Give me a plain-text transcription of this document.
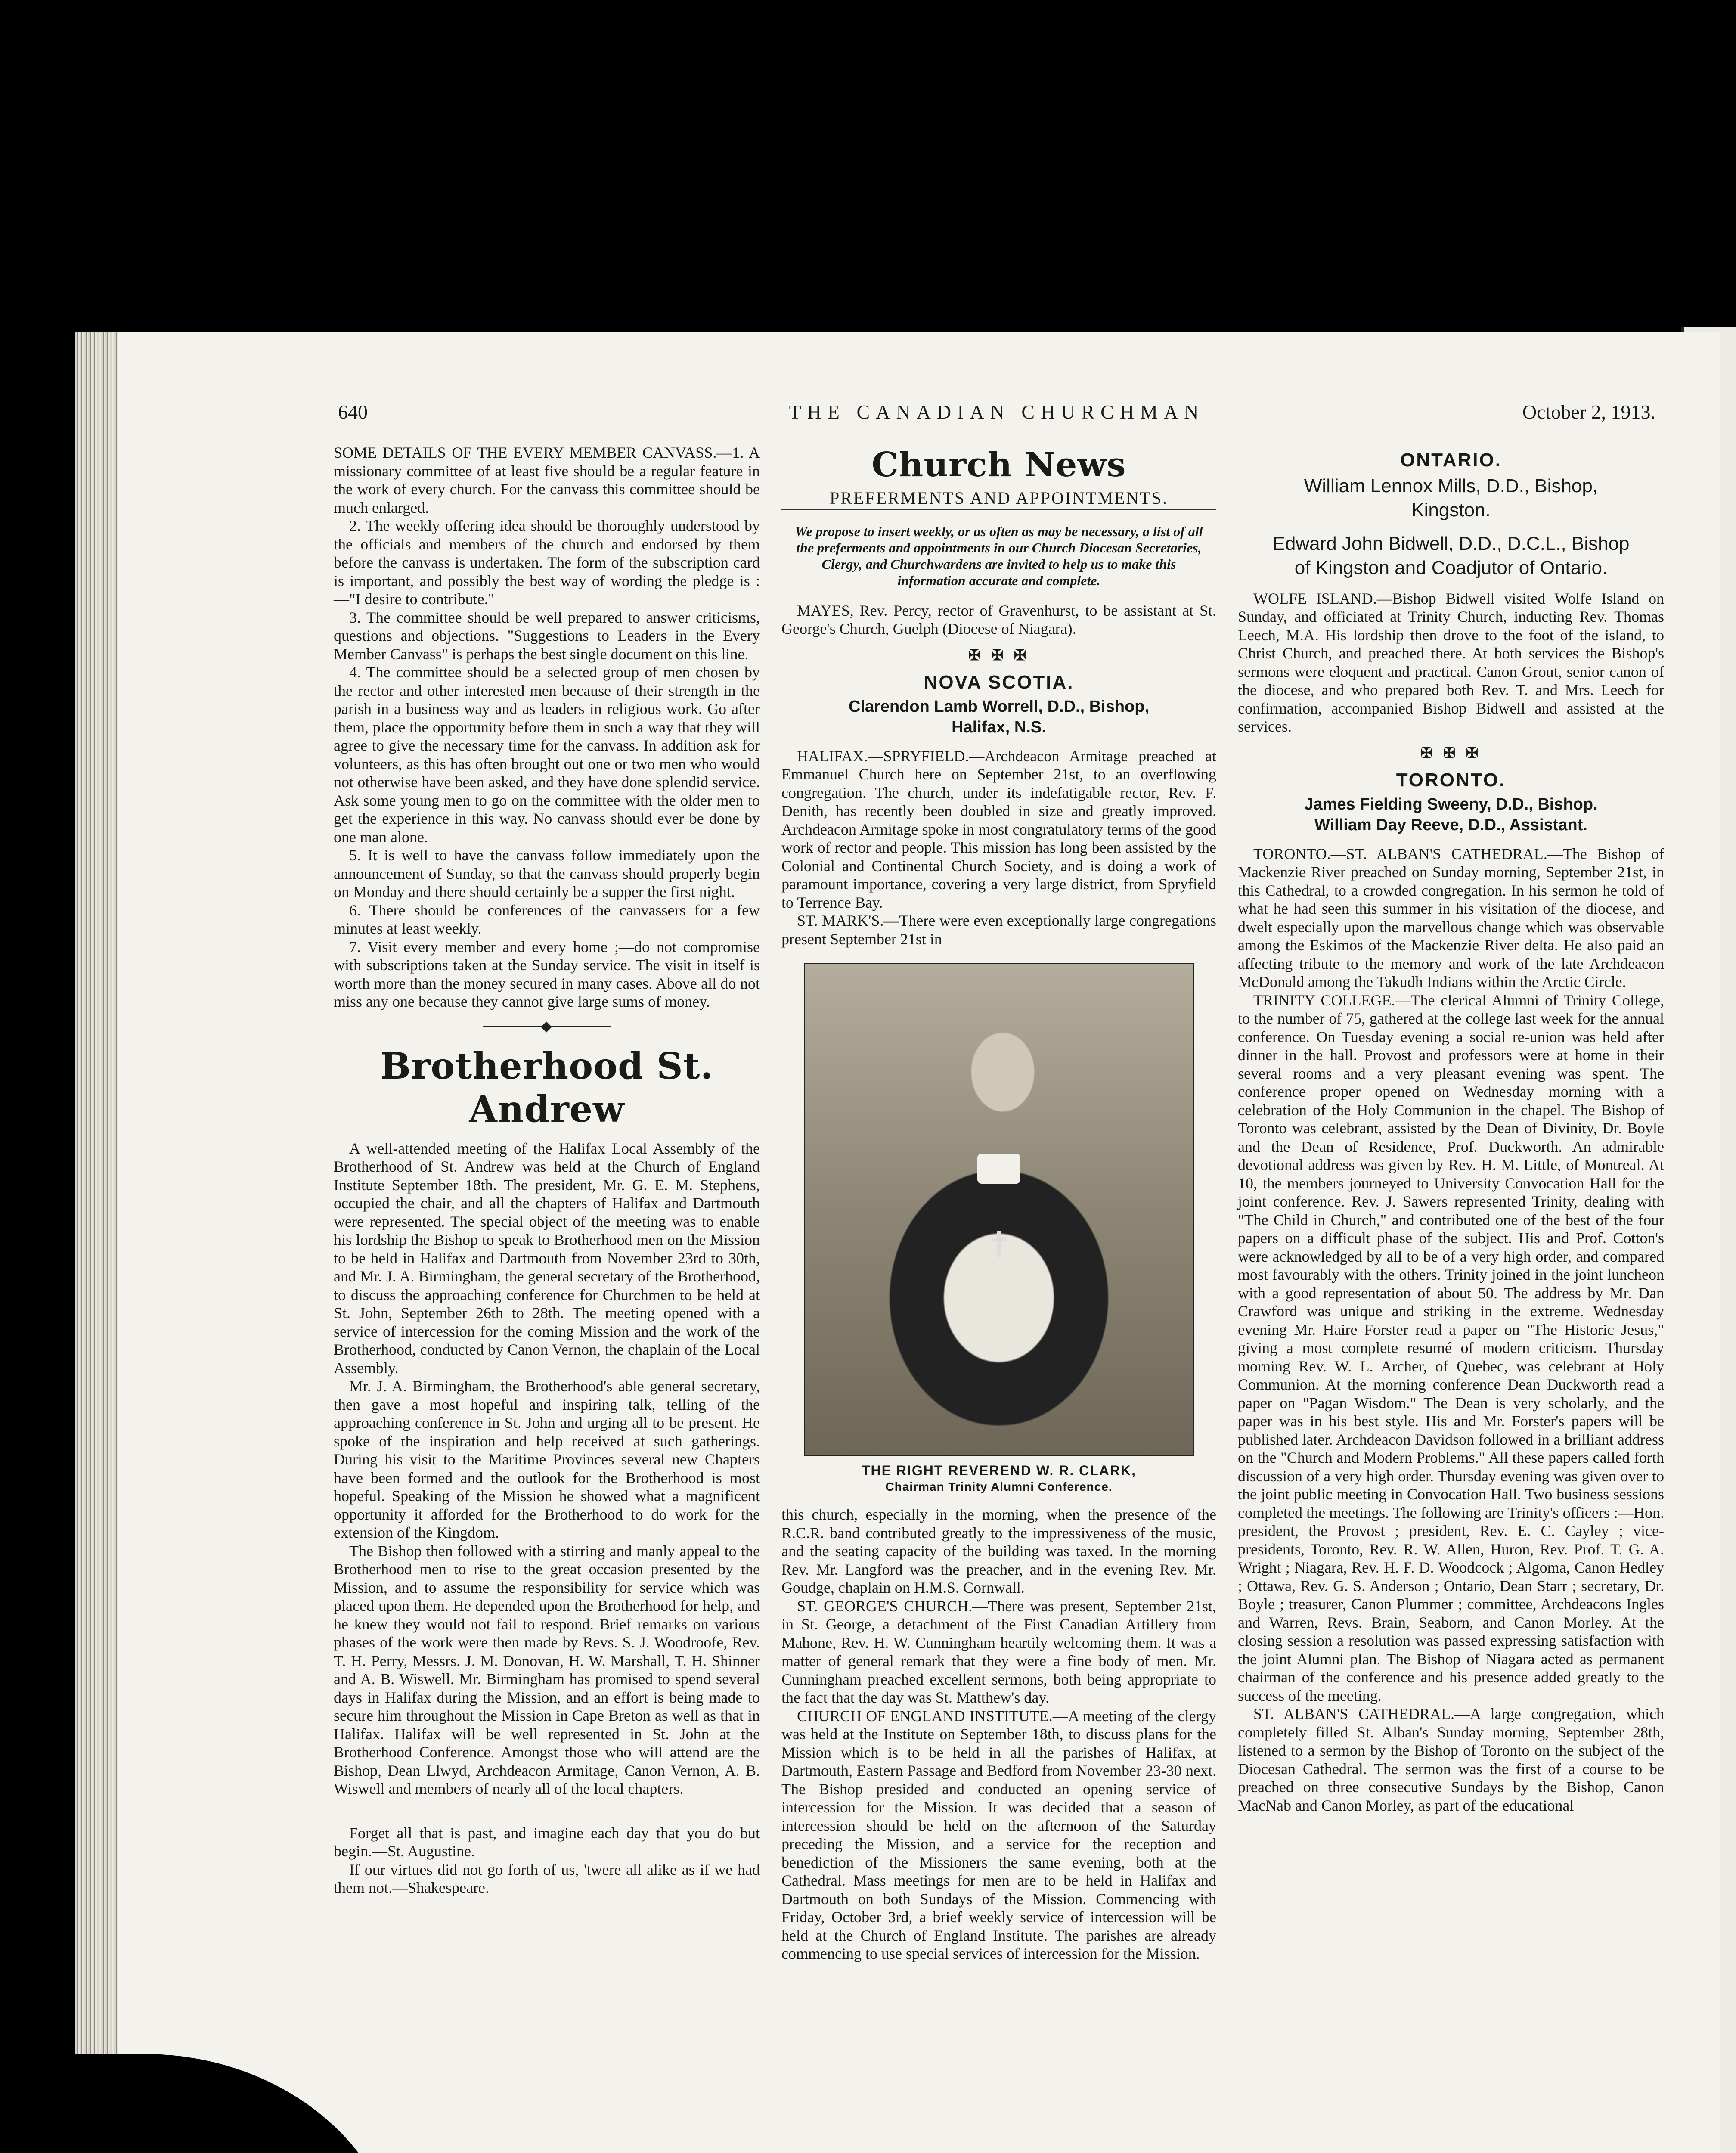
640	THE CANADIAN CHURCHMAN	October 2, 1913.

SOME DETAILS OF THE EVERY MEMBER CANVASS.—1. A missionary committee of at least five should be a regular feature in the work of every church. For the canvass this committee should be much enlarged.

2. The weekly offering idea should be thoroughly understood by the officials and members of the church and endorsed by them before the canvass is undertaken. The form of the subscription card is important, and possibly the best way of wording the pledge is :—"I desire to contribute."

3. The committee should be well prepared to answer criticisms, questions and objections. "Suggestions to Leaders in the Every Member Canvass" is perhaps the best single document on this line.

4. The committee should be a selected group of men chosen by the rector and other interested men because of their strength in the parish in a business way and as leaders in religious work. Go after them, place the opportunity before them in such a way that they will agree to give the necessary time for the canvass. In addition ask for volunteers, as this has often brought out one or two men who would not otherwise have been asked, and they have done splendid service. Ask some young men to go on the committee with the older men to get the experience in this way. No canvass should ever be done by one man alone.

5. It is well to have the canvass follow immediately upon the announcement of Sunday, so that the canvass should properly begin on Monday and there should certainly be a supper the first night.

6. There should be conferences of the canvassers for a few minutes at least weekly.

7. Visit every member and every home ;—do not compromise with subscriptions taken at the Sunday service. The visit in itself is worth more than the money secured in many cases. Above all do not miss any one because they cannot give large sums of money.

Brotherhood St. Andrew

A well-attended meeting of the Halifax Local Assembly of the Brotherhood of St. Andrew was held at the Church of England Institute September 18th. The president, Mr. G. E. M. Stephens, occupied the chair, and all the chapters of Halifax and Dartmouth were represented. The special object of the meeting was to enable his lordship the Bishop to speak to Brotherhood men on the Mission to be held in Halifax and Dartmouth from November 23rd to 30th, and Mr. J. A. Birmingham, the general secretary of the Brotherhood, to discuss the approaching conference for Churchmen to be held at St. John, September 26th to 28th. The meeting opened with a service of intercession for the coming Mission and the work of the Brotherhood, conducted by Canon Vernon, the chaplain of the Local Assembly.

Mr. J. A. Birmingham, the Brotherhood's able general secretary, then gave a most hopeful and inspiring talk, telling of the approaching conference in St. John and urging all to be present. He spoke of the inspiration and help received at such gatherings. During his visit to the Maritime Provinces several new Chapters have been formed and the outlook for the Brotherhood is most hopeful. Speaking of the Mission he showed what a magnificent opportunity it afforded for the Brotherhood to do work for the extension of the Kingdom.

The Bishop then followed with a stirring and manly appeal to the Brotherhood men to rise to the great occasion presented by the Mission, and to assume the responsibility for service which was placed upon them. He depended upon the Brotherhood for help, and he knew they would not fail to respond. Brief remarks on various phases of the work were then made by Revs. S. J. Woodroofe, Rev. T. H. Perry, Messrs. J. M. Donovan, H. W. Marshall, T. H. Shinner and A. B. Wiswell. Mr. Birmingham has promised to spend several days in Halifax during the Mission, and an effort is being made to secure him throughout the Mission in Cape Breton as well as that in Halifax. Halifax will be well represented in St. John at the Brotherhood Conference. Amongst those who will attend are the Bishop, Dean Llwyd, Archdeacon Armitage, Canon Vernon, A. B. Wiswell and members of nearly all of the local chapters.

Forget all that is past, and imagine each day that you do but begin.—St. Augustine.

If our virtues did not go forth of us, 'twere all alike as if we had them not.—Shakespeare.

Church News
PREFERMENTS AND APPOINTMENTS.
We propose to insert weekly, or as often as may be necessary, a list of all the preferments and appointments in our Church Diocesan Secretaries, Clergy, and Churchwardens are invited to help us to make this information accurate and complete.

MAYES, Rev. Percy, rector of Gravenhurst, to be assistant at St. George's Church, Guelph (Diocese of Niagara).

✠ ✠ ✠
NOVA SCOTIA.
Clarendon Lamb Worrell, D.D., Bishop,
Halifax, N.S.

HALIFAX.—SPRYFIELD.—Archdeacon Armitage preached at Emmanuel Church here on September 21st, to an overflowing congregation. The church, under its indefatigable rector, Rev. F. Denith, has recently been doubled in size and greatly improved. Archdeacon Armitage spoke in most congratulatory terms of the good work of rector and people. This mission has long been assisted by the Colonial and Continental Church Society, and is doing a work of paramount importance, covering a very large district, from Spryfield to Terrence Bay.

ST. MARK'S.—There were even exceptionally large congregations present September 21st in

THE RIGHT REVEREND W. R. CLARK,
Chairman Trinity Alumni Conference.

this church, especially in the morning, when the presence of the R.C.R. band contributed greatly to the impressiveness of the music, and the seating capacity of the building was taxed. In the morning Rev. Mr. Langford was the preacher, and in the evening Rev. Mr. Goudge, chaplain on H.M.S. Cornwall.

ST. GEORGE'S CHURCH.—There was present, September 21st, in St. George, a detachment of the First Canadian Artillery from Mahone, Rev. H. W. Cunningham heartily welcoming them. It was a matter of general remark that they were a fine body of men. Mr. Cunningham preached excellent sermons, both being appropriate to the fact that the day was St. Matthew's day.

CHURCH OF ENGLAND INSTITUTE.—A meeting of the clergy was held at the Institute on September 18th, to discuss plans for the Mission which is to be held in all the parishes of Halifax, at Dartmouth, Eastern Passage and Bedford from November 23-30 next. The Bishop presided and conducted an opening service of intercession for the Mission. It was decided that a season of intercession should be held on the afternoon of the Saturday preceding the Mission, and a service for the reception and benediction of the Missioners the same evening, both at the Cathedral. Mass meetings for men are to be held in Halifax and Dartmouth on both Sundays of the Mission. Commencing with Friday, October 3rd, a brief weekly service of intercession will be held at the Church of England Institute. The parishes are already commencing to use special services of intercession for the Mission.

ONTARIO.
William Lennox Mills, D.D., Bishop,
Kingston.
Edward John Bidwell, D.D., D.C.L., Bishop
of Kingston and Coadjutor of Ontario.

WOLFE ISLAND.—Bishop Bidwell visited Wolfe Island on Sunday, and officiated at Trinity Church, inducting Rev. Thomas Leech, M.A. His lordship then drove to the foot of the island, to Christ Church, and preached there. At both services the Bishop's sermons were eloquent and practical. Canon Grout, senior canon of the diocese, and who prepared both Rev. T. and Mrs. Leech for confirmation, accompanied Bishop Bidwell and assisted at the services.

✠ ✠ ✠
TORONTO.
James Fielding Sweeny, D.D., Bishop.
William Day Reeve, D.D., Assistant.

TORONTO.—ST. ALBAN'S CATHEDRAL.—The Bishop of Mackenzie River preached on Sunday morning, September 21st, in this Cathedral, to a crowded congregation. In his sermon he told of what he had seen this summer in his visitation of the diocese, and dwelt especially upon the marvellous change which was observable among the Eskimos of the Mackenzie River delta. He also paid an affecting tribute to the memory and work of the late Archdeacon McDonald among the Takudh Indians within the Arctic Circle.

TRINITY COLLEGE.—The clerical Alumni of Trinity College, to the number of 75, gathered at the college last week for the annual conference. On Tuesday evening a social re-union was held after dinner in the hall. Provost and professors were at home in their several rooms and a very pleasant evening was spent. The conference proper opened on Wednesday morning with a celebration of the Holy Communion in the chapel. The Bishop of Toronto was celebrant, assisted by the Dean of Divinity, Dr. Boyle and the Dean of Residence, Prof. Duckworth. An admirable devotional address was given by Rev. H. M. Little, of Montreal. At 10, the members journeyed to University Convocation Hall for the joint conference. Rev. J. Sawers represented Trinity, dealing with "The Child in Church," and contributed one of the best of the four papers on a difficult phase of the subject. His and Prof. Cotton's were acknowledged by all to be of a very high order, and compared most favourably with the others. Trinity joined in the joint luncheon with a good representation of about 50. The address by Mr. Dan Crawford was unique and striking in the extreme. Wednesday evening Mr. Haire Forster read a paper on "The Historic Jesus," giving a most complete resumé of modern criticism. Thursday morning Rev. W. L. Archer, of Quebec, was celebrant at Holy Communion. At the morning conference Dean Duckworth read a paper on "Pagan Wisdom." The Dean is very scholarly, and the paper was in his best style. His and Mr. Forster's papers will be published later. Archdeacon Davidson followed in a brilliant address on the "Church and Modern Problems." All these papers called forth discussion of a very high order. Thursday evening was given over to the joint public meeting in Convocation Hall. Two business sessions completed the meetings. The following are Trinity's officers :—Hon. president, the Provost ; president, Rev. E. C. Cayley ; vice-presidents, Toronto, Rev. R. W. Allen, Huron, Rev. Prof. T. G. A. Wright ; Niagara, Rev. H. F. D. Woodcock ; Algoma, Canon Hedley ; Ottawa, Rev. G. S. Anderson ; Ontario, Dean Starr ; secretary, Dr. Boyle ; treasurer, Canon Plummer ; committee, Archdeacons Ingles and Warren, Revs. Brain, Seaborn, and Canon Morley. At the closing session a resolution was passed expressing satisfaction with the joint Alumni plan. The Bishop of Niagara acted as permanent chairman of the conference and his presence added greatly to the success of the meeting.

ST. ALBAN'S CATHEDRAL.—A large congregation, which completely filled St. Alban's Sunday morning, September 28th, listened to a sermon by the Bishop of Toronto on the subject of the Diocesan Cathedral. The sermon was the first of a course to be preached on three consecutive Sundays by the Bishop, Canon MacNab and Canon Morley, as part of the educational
